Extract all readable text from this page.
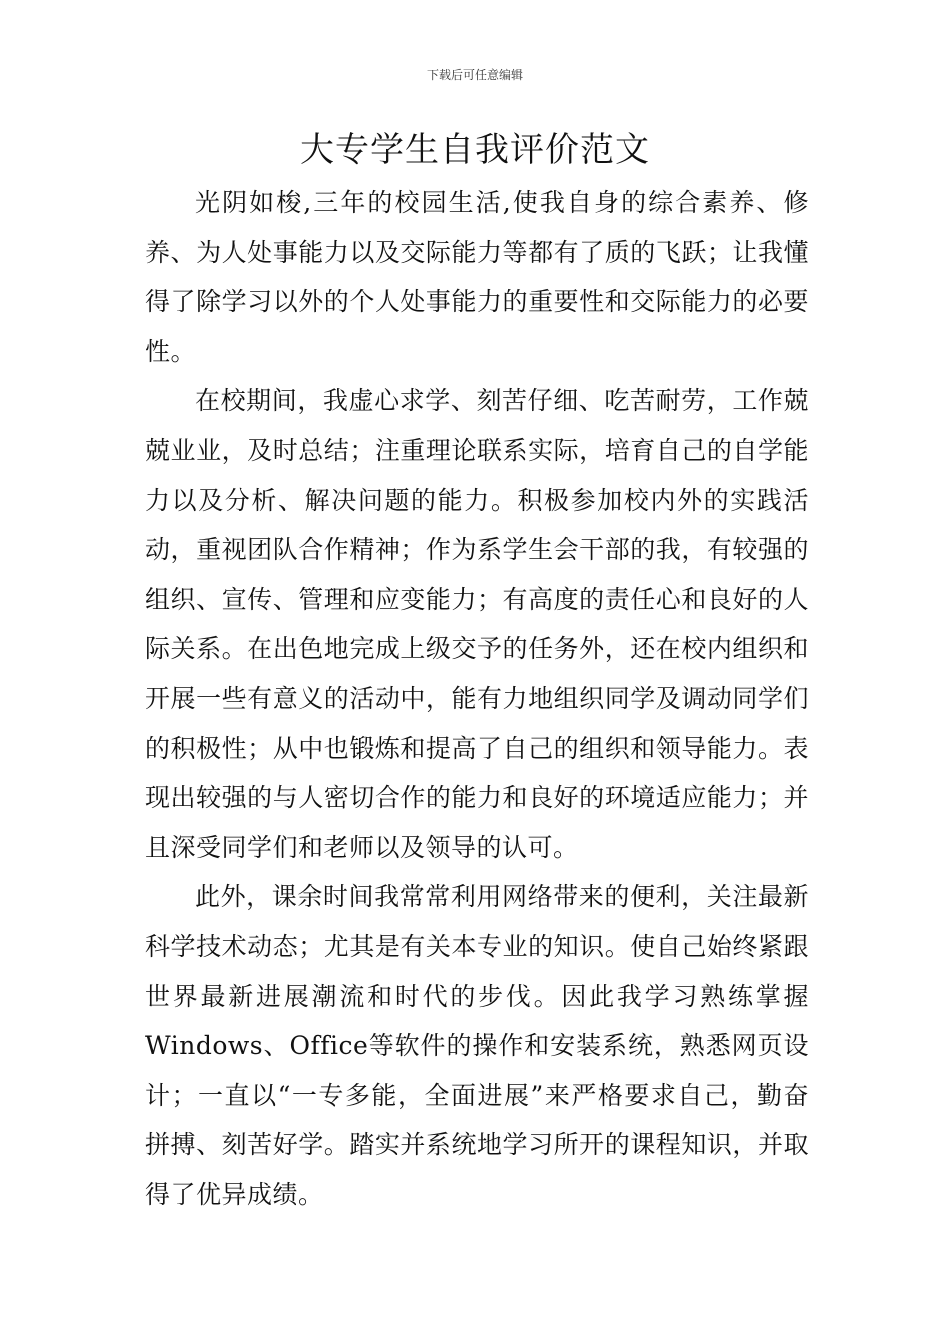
下载后可任意编辑
大专学生自我评价范文

光阴如梭,三年的校园生活,使我自身的综合素养、修养、为人处事能力以及交际能力等都有了质的飞跃；让我懂得了除学习以外的个人处事能力的重要性和交际能力的必要性。

在校期间，我虚心求学、刻苦仔细、吃苦耐劳，工作兢兢业业，及时总结；注重理论联系实际，培育自己的自学能力以及分析、解决问题的能力。积极参加校内外的实践活动，重视团队合作精神；作为系学生会干部的我，有较强的组织、宣传、管理和应变能力；有高度的责任心和良好的人际关系。在出色地完成上级交予的任务外，还在校内组织和开展一些有意义的活动中，能有力地组织同学及调动同学们的积极性；从中也锻炼和提高了自己的组织和领导能力。表现出较强的与人密切合作的能力和良好的环境适应能力；并且深受同学们和老师以及领导的认可。

此外，课余时间我常常利用网络带来的便利，关注最新科学技术动态；尤其是有关本专业的知识。使自己始终紧跟世界最新进展潮流和时代的步伐。因此我学习熟练掌握Windows、Office等软件的操作和安装系统，熟悉网页设计；一直以“一专多能，全面进展”来严格要求自己，勤奋拼搏、刻苦好学。踏实并系统地学习所开的课程知识，并取得了优异成绩。
